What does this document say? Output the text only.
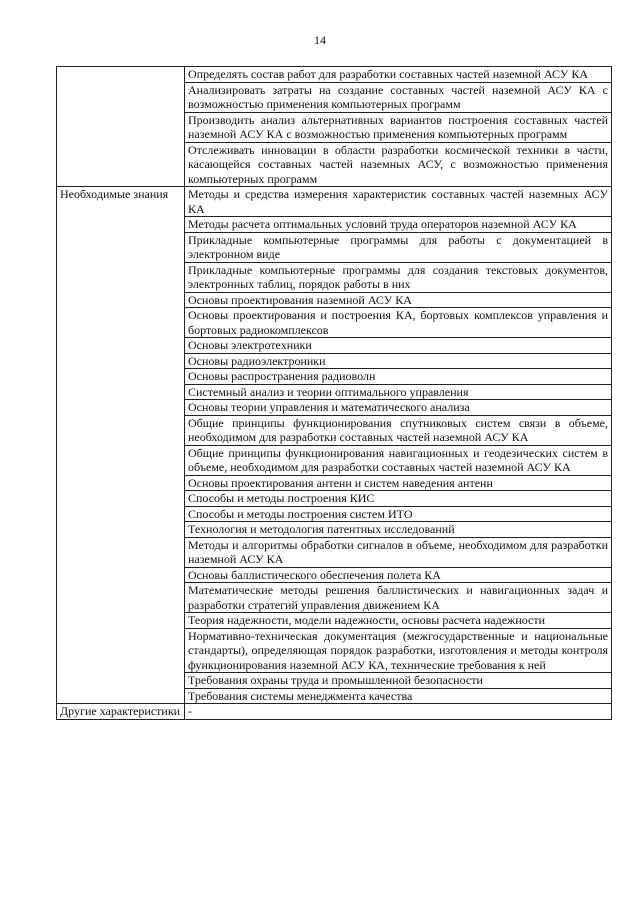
14

	Определять состав работ для разработки составных частей наземной АСУ КА

	Анализировать затраты на создание составных частей наземной АСУ КА с возможностью применения компьютерных программ

	Производить анализ альтернативных вариантов построения составных частей наземной АСУ КА с возможностью применения компьютерных программ

	Отслеживать инновации в области разработки космической техники в части, касающейся составных частей наземных АСУ, с возможностью применения компьютерных программ

Необходимые знания	Методы и средства измерения характеристик составных частей наземных АСУ КА

	Методы расчета оптимальных условий труда операторов наземной АСУ КА

	Прикладные компьютерные программы для работы с документацией в электронном виде

	Прикладные компьютерные программы для создания текстовых документов, электронных таблиц, порядок работы в них

	Основы проектирования наземной АСУ КА

	Основы проектирования и построения КА, бортовых комплексов управления и бортовых радиокомплексов

	Основы электротехники

	Основы радиоэлектроники

	Основы распространения радиоволн

	Системный анализ и теории оптимального управления

	Основы теории управления и математического анализа

	Общие принципы функционирования спутниковых систем связи в объеме, необходимом для разработки составных частей наземной АСУ КА

	Общие принципы функционирования навигационных и геодезических систем в объеме, необходимом для разработки составных частей наземной АСУ КА

	Основы проектирования антенн и систем наведения антенн

	Способы и методы построения КИС

	Способы и методы построения систем ИТО

	Технология и методология патентных исследований

	Методы и алгоритмы обработки сигналов в объеме, необходимом для разработки наземной АСУ КА

	Основы баллистического обеспечения полета КА

	Математические методы решения баллистических и навигационных задач и разработки стратегий управления движением КА

	Теория надежности, модели надежности, основы расчета надежности

	Нормативно-техническая документация (межгосударственные и национальные стандарты), определяющая порядок разработки, изготовления и методы контроля функционирования наземной АСУ КА, технические требования к ней

	Требования охраны труда и промышленной безопасности

	Требования системы менеджмента качества

Другие характеристики	-
